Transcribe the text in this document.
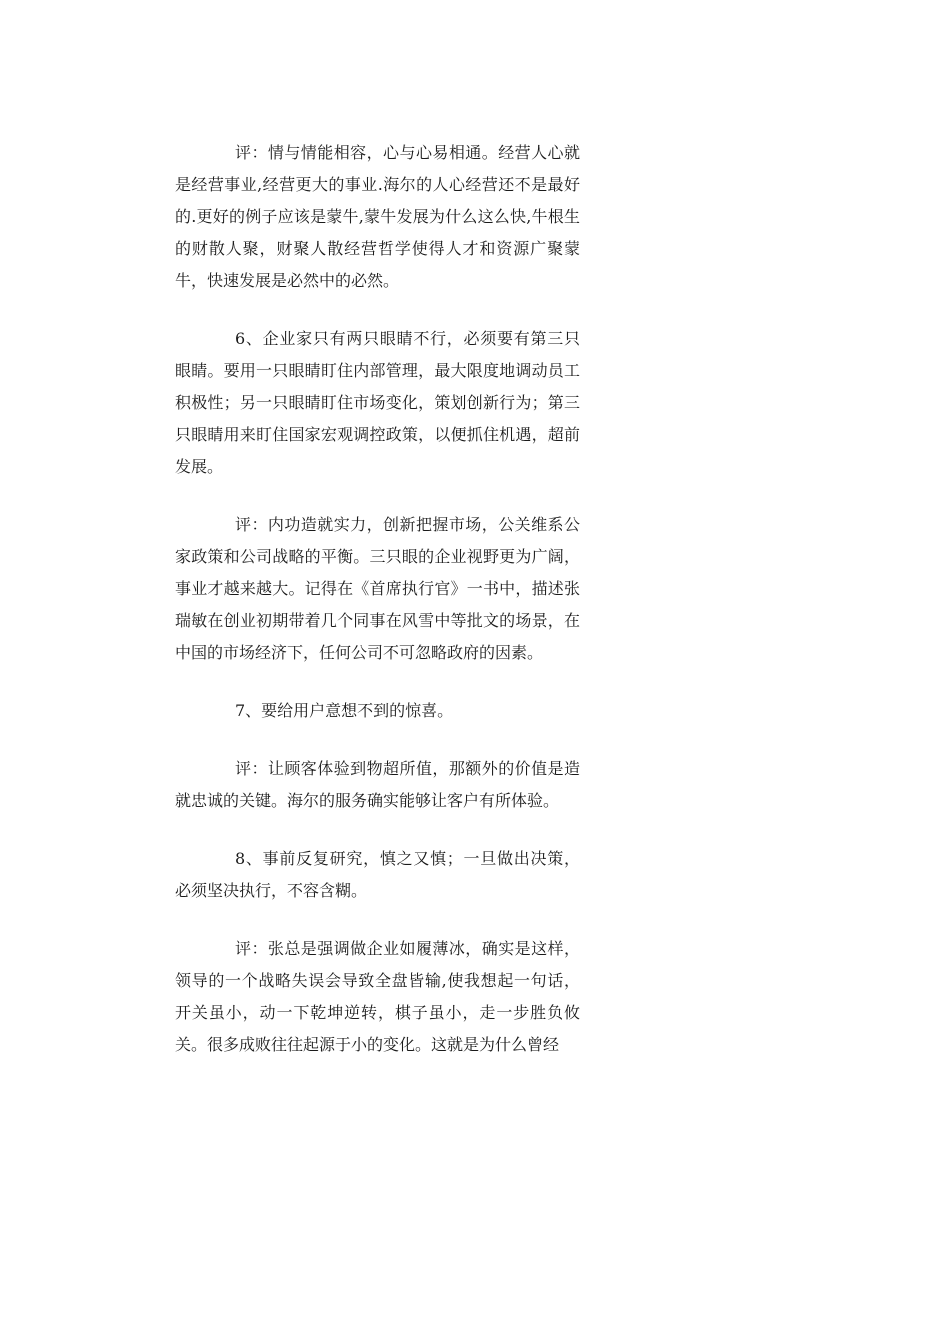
评：情与情能相容，心与心易相通。经营人心就是经营事业,经营更大的事业.海尔的人心经营还不是最好的.更好的例子应该是蒙牛,蒙牛发展为什么这么快,牛根生的财散人聚，财聚人散经营哲学使得人才和资源广聚蒙牛，快速发展是必然中的必然。

6、企业家只有两只眼睛不行，必须要有第三只眼睛。要用一只眼睛盯住内部管理，最大限度地调动员工积极性；另一只眼睛盯住市场变化，策划创新行为；第三只眼睛用来盯住国家宏观调控政策，以便抓住机遇，超前发展。

评：内功造就实力，创新把握市场，公关维系公家政策和公司战略的平衡。三只眼的企业视野更为广阔，事业才越来越大。记得在《首席执行官》一书中，描述张瑞敏在创业初期带着几个同事在风雪中等批文的场景，在中国的市场经济下，任何公司不可忽略政府的因素。

7、要给用户意想不到的惊喜。

评：让顾客体验到物超所值，那额外的价值是造就忠诚的关键。海尔的服务确实能够让客户有所体验。

8、事前反复研究，慎之又慎；一旦做出决策，必须坚决执行，不容含糊。

评：张总是强调做企业如履薄冰，确实是这样，领导的一个战略失误会导致全盘皆输,使我想起一句话，开关虽小，动一下乾坤逆转，棋子虽小，走一步胜负攸关。很多成败往往起源于小的变化。这就是为什么曾经
